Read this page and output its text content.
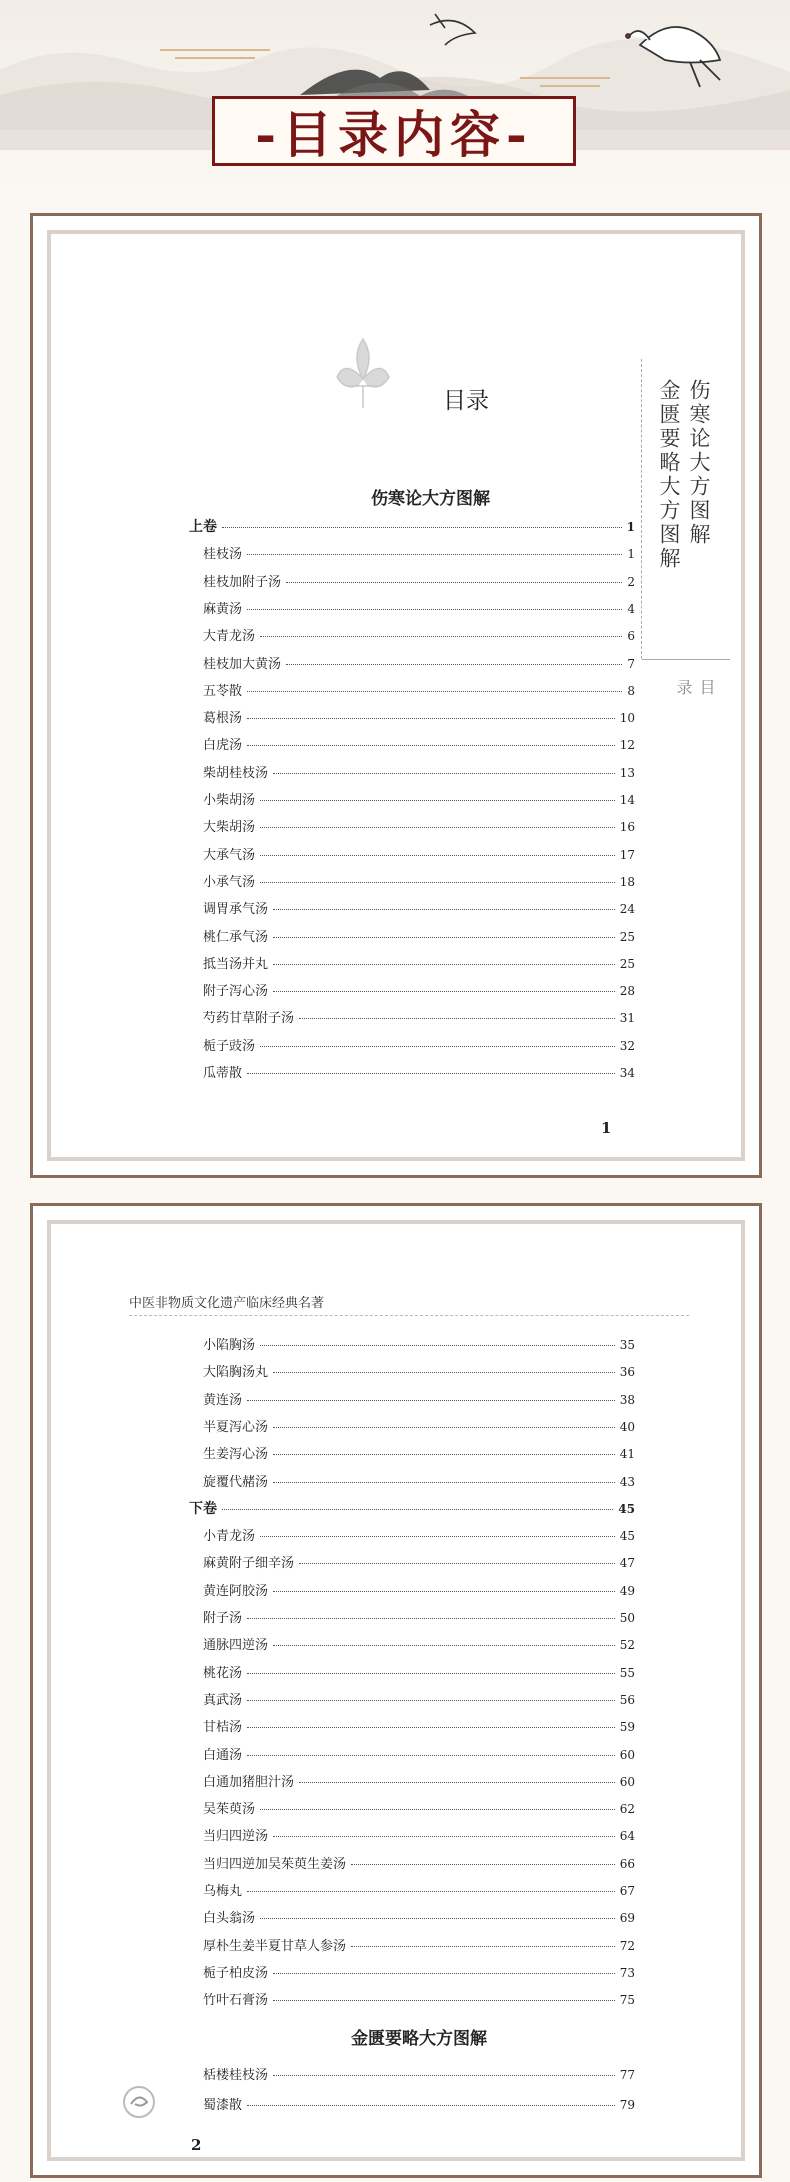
-目录内容-
目录
伤寒论大方图解
上卷	1
桂枝汤	1
桂枝加附子汤	2
麻黄汤	4
大青龙汤	6
桂枝加大黄汤	7
五苓散	8
葛根汤	10
白虎汤	12
柴胡桂枝汤	13
小柴胡汤	14
大柴胡汤	16
大承气汤	17
小承气汤	18
调胃承气汤	24
桃仁承气汤	25
抵当汤并丸	25
附子泻心汤	28
芍药甘草附子汤	31
栀子豉汤	32
瓜蒂散	34
伤寒论大方图解
金匮要略大方图解
目录
1
中医非物质文化遗产临床经典名著
小陷胸汤	35
大陷胸汤丸	36
黄连汤	38
半夏泻心汤	40
生姜泻心汤	41
旋覆代赭汤	43
下卷	45
小青龙汤	45
麻黄附子细辛汤	47
黄连阿胶汤	49
附子汤	50
通脉四逆汤	52
桃花汤	55
真武汤	56
甘桔汤	59
白通汤	60
白通加猪胆汁汤	60
吴茱萸汤	62
当归四逆汤	64
当归四逆加吴茱萸生姜汤	66
乌梅丸	67
白头翁汤	69
厚朴生姜半夏甘草人参汤	72
栀子柏皮汤	73
竹叶石膏汤	75
金匮要略大方图解
栝楼桂枝汤	77
蜀漆散	79
2
